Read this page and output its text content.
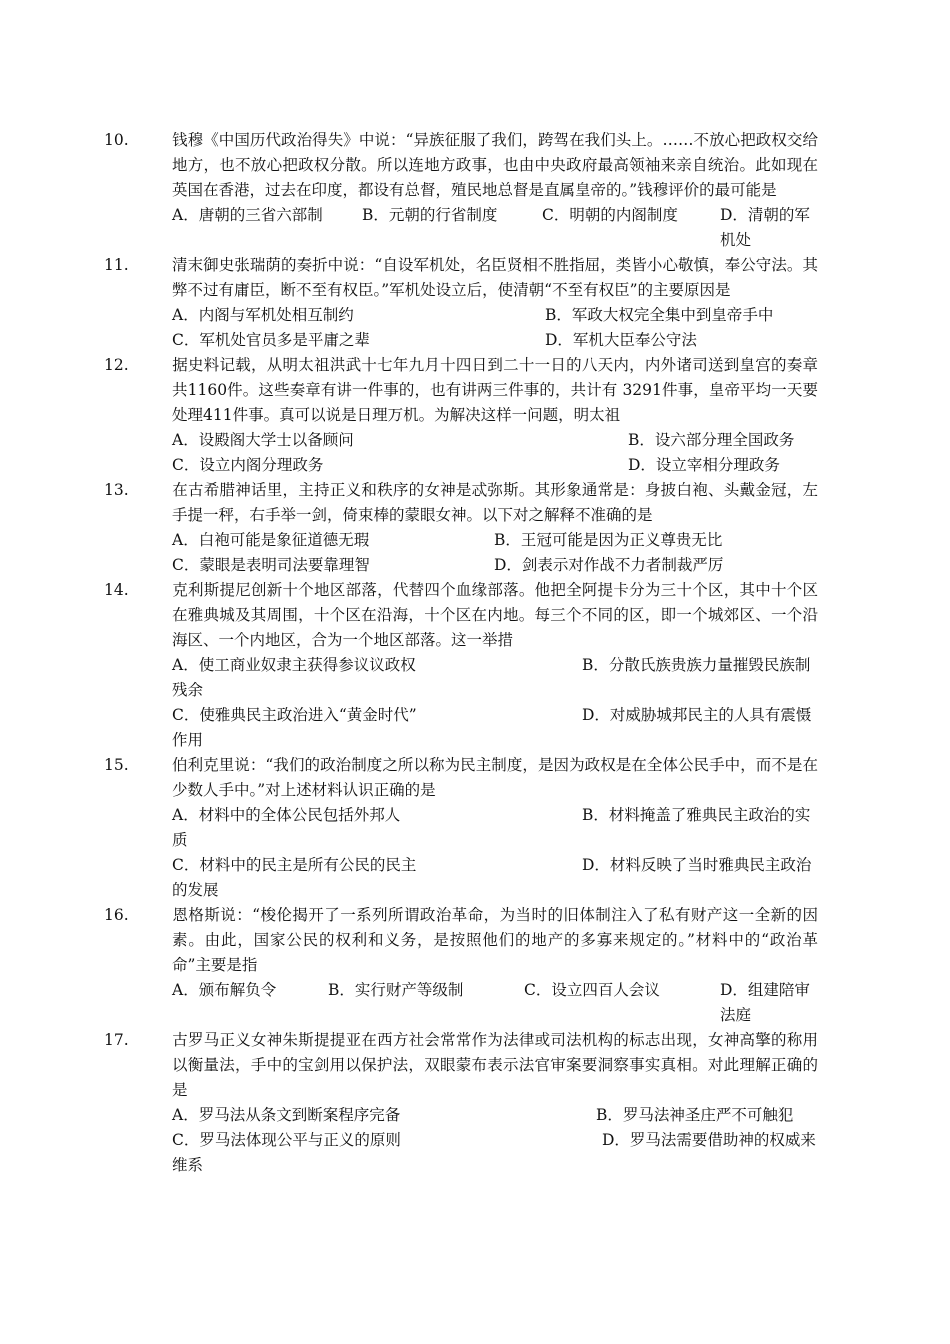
10.	钱穆《中国历代政治得失》中说：“异族征服了我们，跨驾在我们头上。……不放心把政权交给地方，也不放心把政权分散。所以连地方政事，也由中央政府最高领袖来亲自统治。此如现在英国在香港，过去在印度，都设有总督，殖民地总督是直属皇帝的。”钱穆评价的最可能是
A．唐朝的三省六部制	B．元朝的行省制度	C．明朝的内阁制度	D．清朝的军机处
11.	清末御史张瑞荫的奏折中说：“自设军机处，名臣贤相不胜指屈，类皆小心敬慎，奉公守法。其弊不过有庸臣，断不至有权臣。”军机处设立后，使清朝“不至有权臣”的主要原因是
A．内阁与军机处相互制约	B．军政大权完全集中到皇帝手中
C．军机处官员多是平庸之辈	D．军机大臣奉公守法
12.	据史料记载，从明太祖洪武十七年九月十四日到二十一日的八天内，内外诸司送到皇宫的奏章共1160件。这些奏章有讲一件事的，也有讲两三件事的，共计有 3291件事，皇帝平均一天要处理411件事。真可以说是日理万机。为解决这样一问题，明太祖
A．设殿阁大学士以备顾问	B．设六部分理全国政务
C．设立内阁分理政务	D．设立宰相分理政务
13.	在古希腊神话里，主持正义和秩序的女神是忒弥斯。其形象通常是：身披白袍、头戴金冠，左手提一秤，右手举一剑，倚束棒的蒙眼女神。以下对之解释不准确的是
A．白袍可能是象征道德无瑕	B．王冠可能是因为正义尊贵无比
C．蒙眼是表明司法要靠理智	D．剑表示对作战不力者制裁严厉
14.	克利斯提尼创新十个地区部落，代替四个血缘部落。他把全阿提卡分为三十个区，其中十个区在雅典城及其周围，十个区在沿海，十个区在内地。每三个不同的区，即一个城郊区、一个沿海区、一个内地区，合为一个地区部落。这一举措
A．使工商业奴隶主获得参议议政权	B．分散氏族贵族力量摧毁民族制残余
C．使雅典民主政治进入“黄金时代”	D．对威胁城邦民主的人具有震慑作用
15.	伯利克里说：“我们的政治制度之所以称为民主制度，是因为政权是在全体公民手中，而不是在少数人手中。”对上述材料认识正确的是
A．材料中的全体公民包括外邦人	B．材料掩盖了雅典民主政治的实质
C．材料中的民主是所有公民的民主	D．材料反映了当时雅典民主政治的发展
16.	恩格斯说：“梭伦揭开了一系列所谓政治革命，为当时的旧体制注入了私有财产这一全新的因素。由此，国家公民的权利和义务，是按照他们的地产的多寡来规定的。”材料中的“政治革命”主要是指
A．颁布解负令	B．实行财产等级制	C．设立四百人会议	D．组建陪审法庭
17.	古罗马正义女神朱斯提提亚在西方社会常常作为法律或司法机构的标志出现，女神高擎的称用以衡量法，手中的宝剑用以保护法，双眼蒙布表示法官审案要洞察事实真相。对此理解正确的是
A．罗马法从条文到断案程序完备	B．罗马法神圣庄严不可触犯
C．罗马法体现公平与正义的原则	D．罗马法需要借助神的权威来维系
